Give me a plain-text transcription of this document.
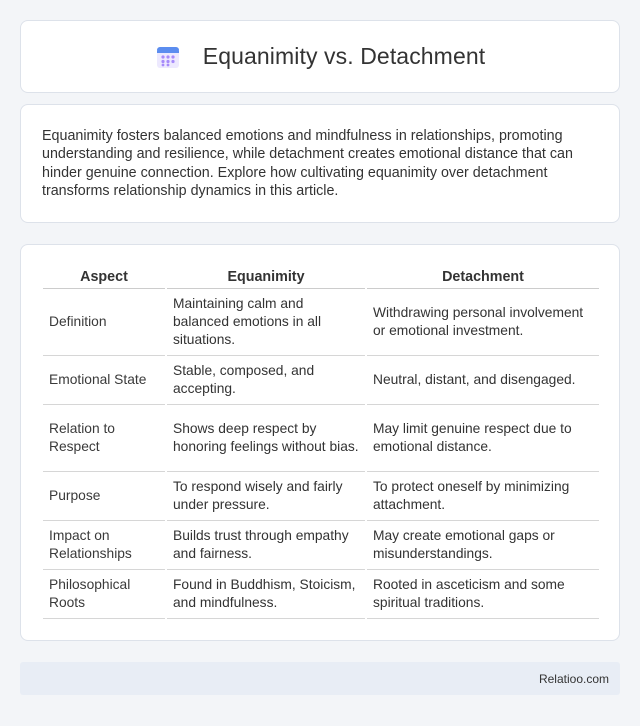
Equanimity vs. Detachment

Equanimity fosters balanced emotions and mindfulness in relationships, promoting understanding and resilience, while detachment creates emotional distance that can hinder genuine connection. Explore how cultivating equanimity over detachment transforms relationship dynamics in this article.

Aspect	Equanimity	Detachment
Definition	Maintaining calm and balanced emotions in all situations.	Withdrawing personal involvement or emotional investment.
Emotional State	Stable, composed, and accepting.	Neutral, distant, and disengaged.
Relation to Respect	Shows deep respect by honoring feelings without bias.	May limit genuine respect due to emotional distance.
Purpose	To respond wisely and fairly under pressure.	To protect oneself by minimizing attachment.
Impact on Relationships	Builds trust through empathy and fairness.	May create emotional gaps or misunderstandings.
Philosophical Roots	Found in Buddhism, Stoicism, and mindfulness.	Rooted in asceticism and some spiritual traditions.
Relatioo.com
